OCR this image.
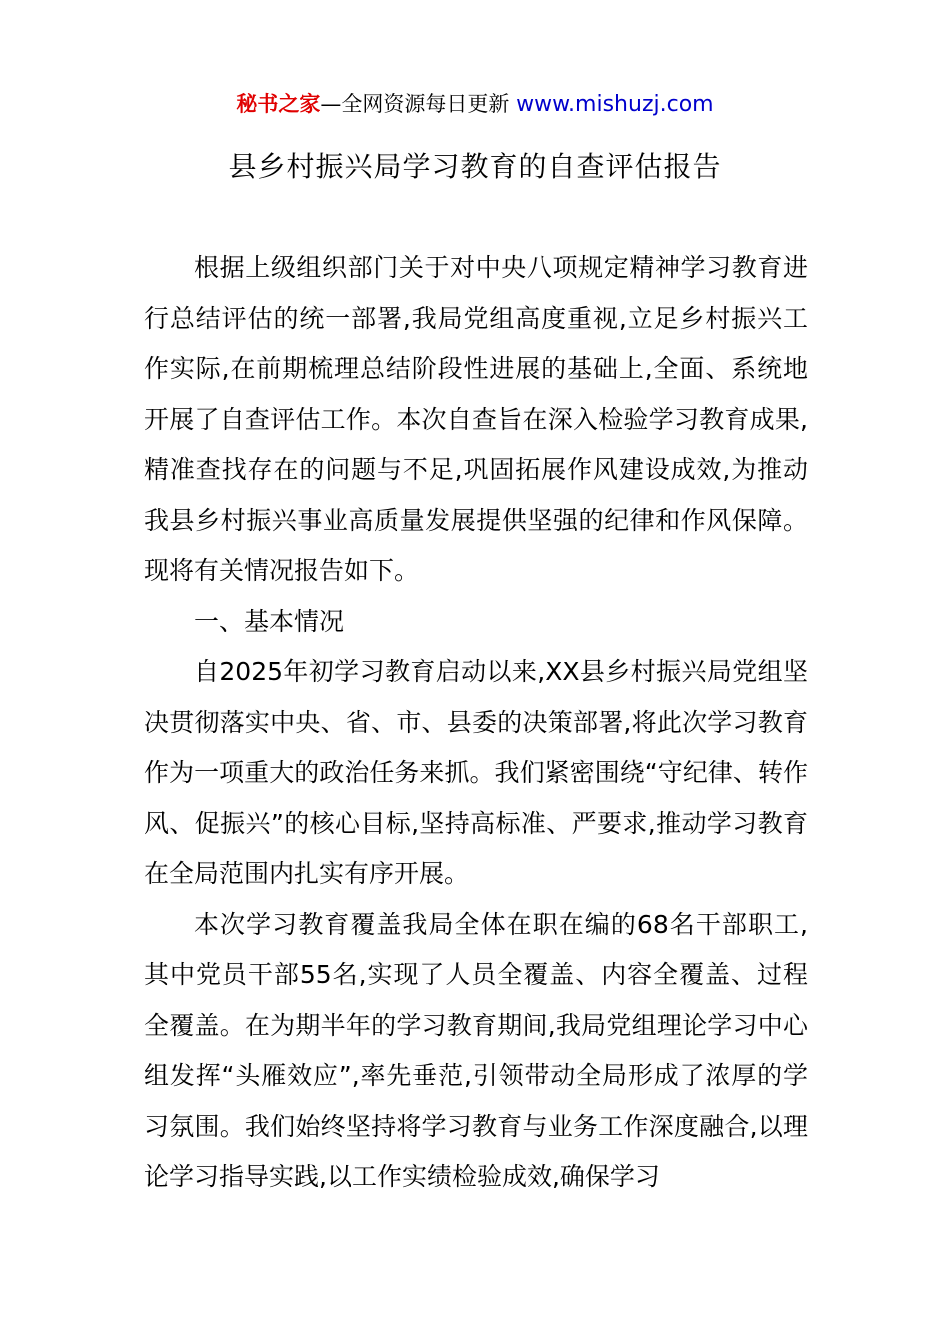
秘书之家—全网资源每日更新 www.mishuzj.com
县乡村振兴局学习教育的自查评估报告

根据上级组织部门关于对中央八项规定精神学习教育进行总结评估的统一部署,我局党组高度重视,立足乡村振兴工作实际,在前期梳理总结阶段性进展的基础上,全面、系统地开展了自查评估工作。本次自查旨在深入检验学习教育成果,精准查找存在的问题与不足,巩固拓展作风建设成效,为推动我县乡村振兴事业高质量发展提供坚强的纪律和作风保障。现将有关情况报告如下。

一、基本情况

自2025年初学习教育启动以来,XX县乡村振兴局党组坚决贯彻落实中央、省、市、县委的决策部署,将此次学习教育作为一项重大的政治任务来抓。我们紧密围绕“守纪律、转作风、促振兴”的核心目标,坚持高标准、严要求,推动学习教育在全局范围内扎实有序开展。

本次学习教育覆盖我局全体在职在编的68名干部职工,其中党员干部55名,实现了人员全覆盖、内容全覆盖、过程全覆盖。在为期半年的学习教育期间,我局党组理论学习中心组发挥“头雁效应”,率先垂范,引领带动全局形成了浓厚的学习氛围。我们始终坚持将学习教育与业务工作深度融合,以理论学习指导实践,以工作实绩检验成效,确保学习
